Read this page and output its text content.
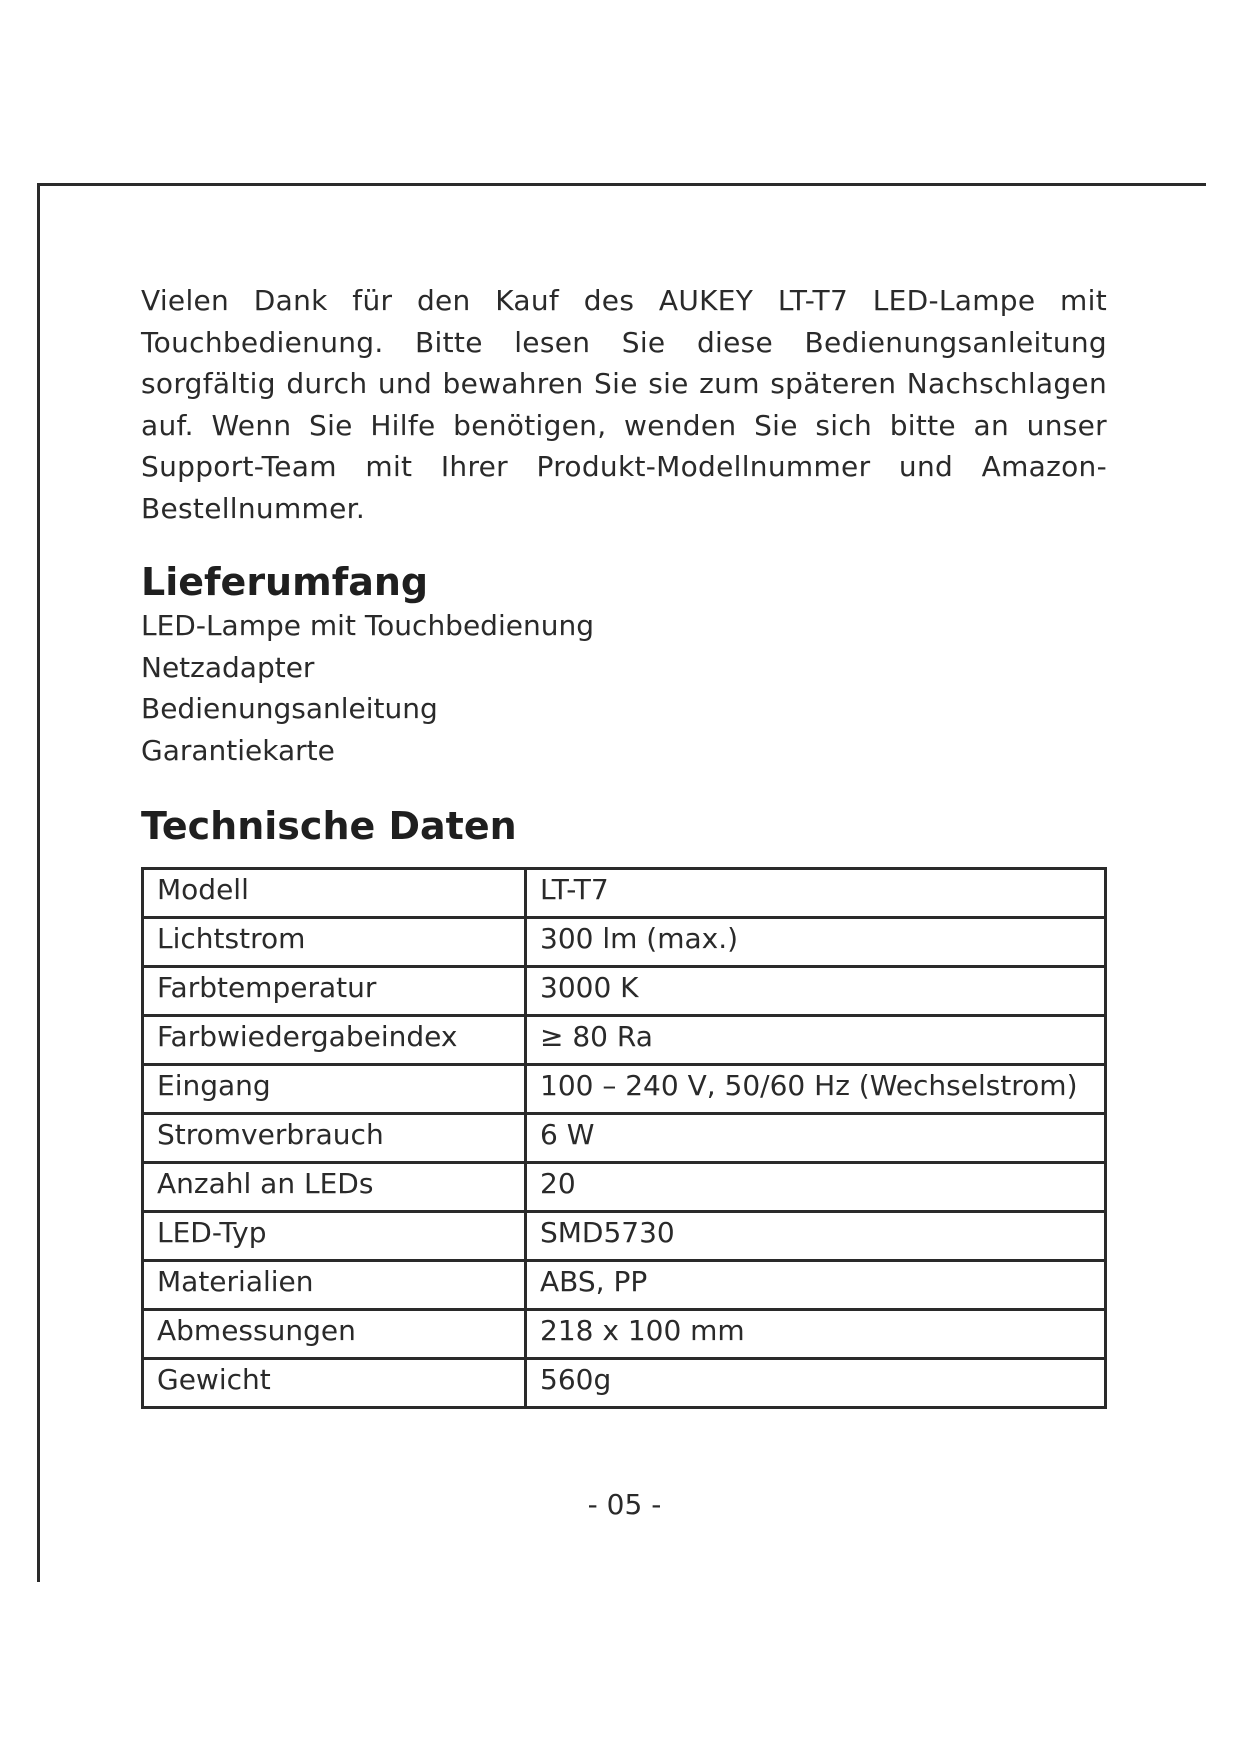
Vielen Dank für den Kauf des AUKEY LT-T7 LED-Lampe mit Touchbedienung. Bitte lesen Sie diese Bedienungsanleitung sorgfältig durch und bewahren Sie sie zum späteren Nachschlagen auf. Wenn Sie Hilfe benötigen, wenden Sie sich bitte an unser Support-Team mit Ihrer Produkt-Modellnummer und Amazon-Bestellnummer.

Lieferumfang
LED-Lampe mit Touchbedienung
Netzadapter
Bedienungsanleitung
Garantiekarte
Technische Daten
Modell	LT-T7
Lichtstrom	300 lm (max.)
Farbtemperatur	3000 K
Farbwiedergabeindex	≥ 80 Ra
Eingang	100 – 240 V, 50/60 Hz (Wechselstrom)
Stromverbrauch	6 W
Anzahl an LEDs	20
LED-Typ	SMD5730
Materialien	ABS, PP
Abmessungen	218 x 100 mm
Gewicht	560g
- 05 -
